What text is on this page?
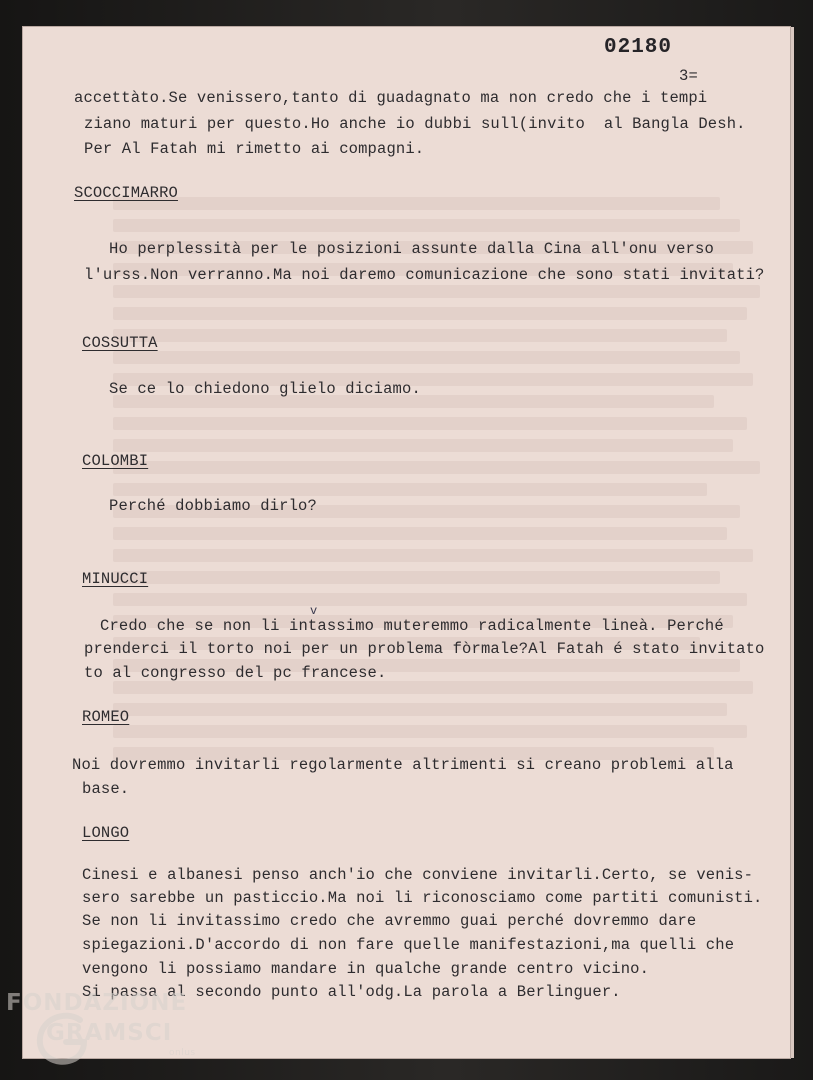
02180
3=
accettàto.Se venissero,tanto di guadagnato ma non credo che i tempi
ziano maturi per questo.Ho anche io dubbi sull(invito  al Bangla Desh.
Per Al Fatah mi rimetto ai compagni.
SCOCCIMARRO
Ho perplessità per le posizioni assunte dalla Cina all'onu verso
l'urss.Non verranno.Ma noi daremo comunicazione che sono stati invitati?
COSSUTTA
Se ce lo chiedono glielo diciamo.
COLOMBI
Perché dobbiamo dirlo?
MINUCCI
v
Credo che se non li intassimo muteremmo radicalmente lineà. Perché
prenderci il torto noi per un problema fòrmale?Al Fatah é stato invitato
to al congresso del pc francese.
ROMEO
Noi dovremmo invitarli regolarmente altrimenti si creano problemi alla
base.
LONGO
Cinesi e albanesi penso anch'io che conviene invitarli.Certo, se venis-
sero sarebbe un pasticcio.Ma noi li riconosciamo come partiti comunisti.
Se non li invitassimo credo che avremmo guai perché dovremmo dare
spiegazioni.D'accordo di non fare quelle manifestazioni,ma quelli che
vengono li possiamo mandare in qualche grande centro vicino.
Si passa al secondo punto all'odg.La parola a Berlinguer.
FONDAZIONE
GRAMSCI
onlus
